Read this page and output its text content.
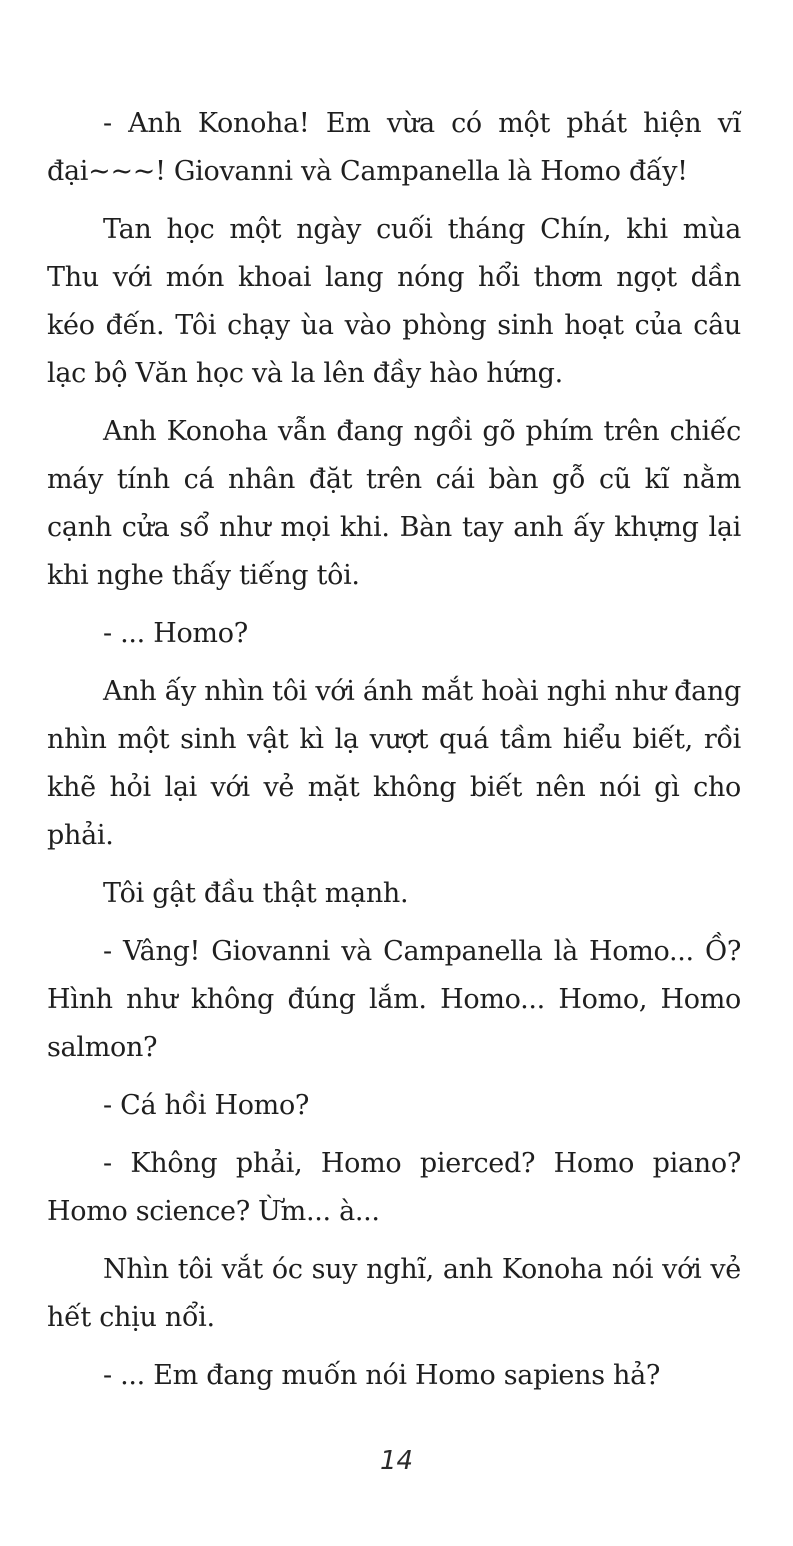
- Anh Konoha! Em vừa có một phát hiện vĩ đại~~~! Giovanni và Campanella là Homo đấy!

Tan học một ngày cuối tháng Chín, khi mùa Thu với món khoai lang nóng hổi thơm ngọt dần kéo đến. Tôi chạy ùa vào phòng sinh hoạt của câu lạc bộ Văn học và la lên đầy hào hứng.

Anh Konoha vẫn đang ngồi gõ phím trên chiếc máy tính cá nhân đặt trên cái bàn gỗ cũ kĩ nằm cạnh cửa sổ như mọi khi. Bàn tay anh ấy khựng lại khi nghe thấy tiếng tôi.

- ... Homo?

Anh ấy nhìn tôi với ánh mắt hoài nghi như đang nhìn một sinh vật kì lạ vượt quá tầm hiểu biết, rồi khẽ hỏi lại với vẻ mặt không biết nên nói gì cho phải.

Tôi gật đầu thật mạnh.

- Vâng! Giovanni và Campanella là Homo... Ồ? Hình như không đúng lắm. Homo... Homo, Homo salmon?

- Cá hồi Homo?

- Không phải, Homo pierced? Homo piano? Homo science? Ừm... à...

Nhìn tôi vắt óc suy nghĩ, anh Konoha nói với vẻ hết chịu nổi.

- ... Em đang muốn nói Homo sapiens hả?

14
